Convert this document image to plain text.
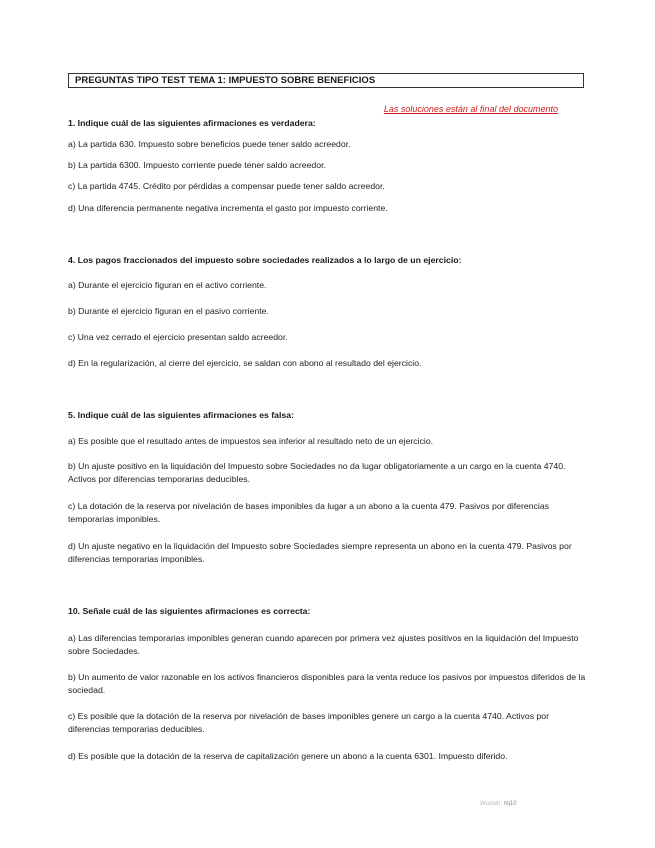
PREGUNTAS TIPO TEST TEMA 1: IMPUESTO SOBRE BENEFICIOS
Las soluciones están al final del documento
1. Indique cuál de las siguientes afirmaciones es verdadera:
a) La partida 630. Impuesto sobre beneficios puede tener saldo acreedor.
b) La partida 6300. Impuesto corriente puede tener saldo acreedor.
c) La partida 4745. Crédito por pérdidas a compensar puede tener saldo acreedor.
d) Una diferencia permanente negativa incrementa el gasto por impuesto corriente.
4. Los pagos fraccionados del impuesto sobre sociedades realizados a lo largo de un ejercicio:
a) Durante el ejercicio figuran en el activo corriente.
b) Durante el ejercicio figuran en el pasivo corriente.
c) Una vez cerrado el ejercicio presentan saldo acreedor.
d) En la regularización, al cierre del ejercicio, se saldan con abono al resultado del ejercicio.
5. Indique cuál de las siguientes afirmaciones es falsa:
a) Es posible que el resultado antes de impuestos sea inferior al resultado neto de un ejercicio.
b) Un ajuste positivo en la liquidación del Impuesto sobre Sociedades no da lugar obligatoriamente a un cargo en la cuenta 4740. Activos por diferencias temporarias deducibles.
c) La dotación de la reserva por nivelación de bases imponibles da lugar a un abono a la cuenta 479. Pasivos por diferencias temporarias imponibles.
d) Un ajuste negativo en la liquidación del Impuesto sobre Sociedades siempre representa un abono en la cuenta 479. Pasivos por diferencias temporarias imponibles.
10. Señale cuál de las siguientes afirmaciones es correcta:
a) Las diferencias temporarias imponibles generan cuando aparecen por primera vez ajustes positivos en la liquidación del Impuesto sobre Sociedades.
b) Un aumento de valor razonable en los activos financieros disponibles para la venta reduce los pasivos por impuestos diferidos de la sociedad.
c) Es posible que la dotación de la reserva por nivelación de bases imponibles genere un cargo a la cuenta 4740. Activos por diferencias temporarias deducibles.
d) Es posible que la dotación de la reserva de capitalización genere un abono a la cuenta 6301. Impuesto diferido.
Wuolah: mj10
